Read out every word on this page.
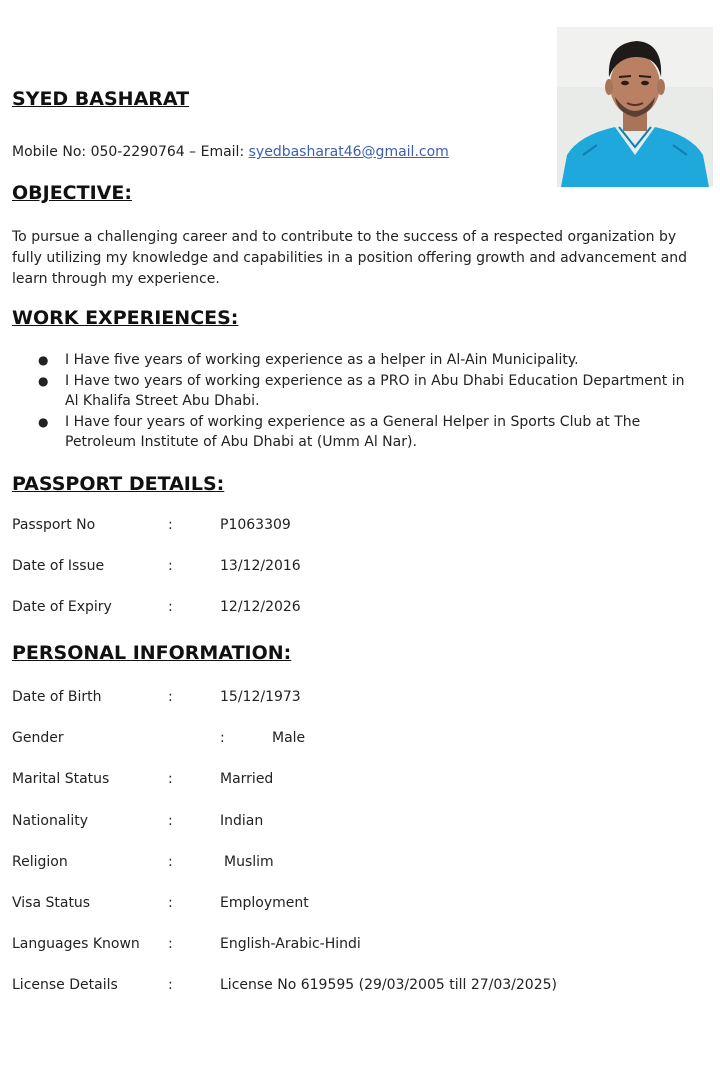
SYED BASHARAT
Mobile No: 050-2290764 – Email: syedbasharat46@gmail.com
OBJECTIVE:

To pursue a challenging career and to contribute to the success of a respected organization by fully utilizing my knowledge and capabilities in a position offering growth and advancement and learn through my experience.

WORK EXPERIENCES:
● I Have five years of working experience as a helper in Al-Ain Municipality.
● I Have two years of working experience as a PRO in Abu Dhabi Education Department in Al Khalifa Street Abu Dhabi.
● I Have four years of working experience as a General Helper in Sports Club at The Petroleum Institute of Abu Dhabi at (Umm Al Nar).
PASSPORT DETAILS:
Passport No	:	P1063309
Date of Issue	:	13/12/2016
Date of Expiry	:	12/12/2026
PERSONAL INFORMATION:
Date of Birth	:	15/12/1973
Gender	:	Male
Marital Status	:	Married
Nationality	:	Indian
Religion	:	Muslim
Visa Status	:	Employment
Languages Known :	English-Arabic-Hindi
License Details	:	License No 619595 (29/03/2005 till 27/03/2025)
